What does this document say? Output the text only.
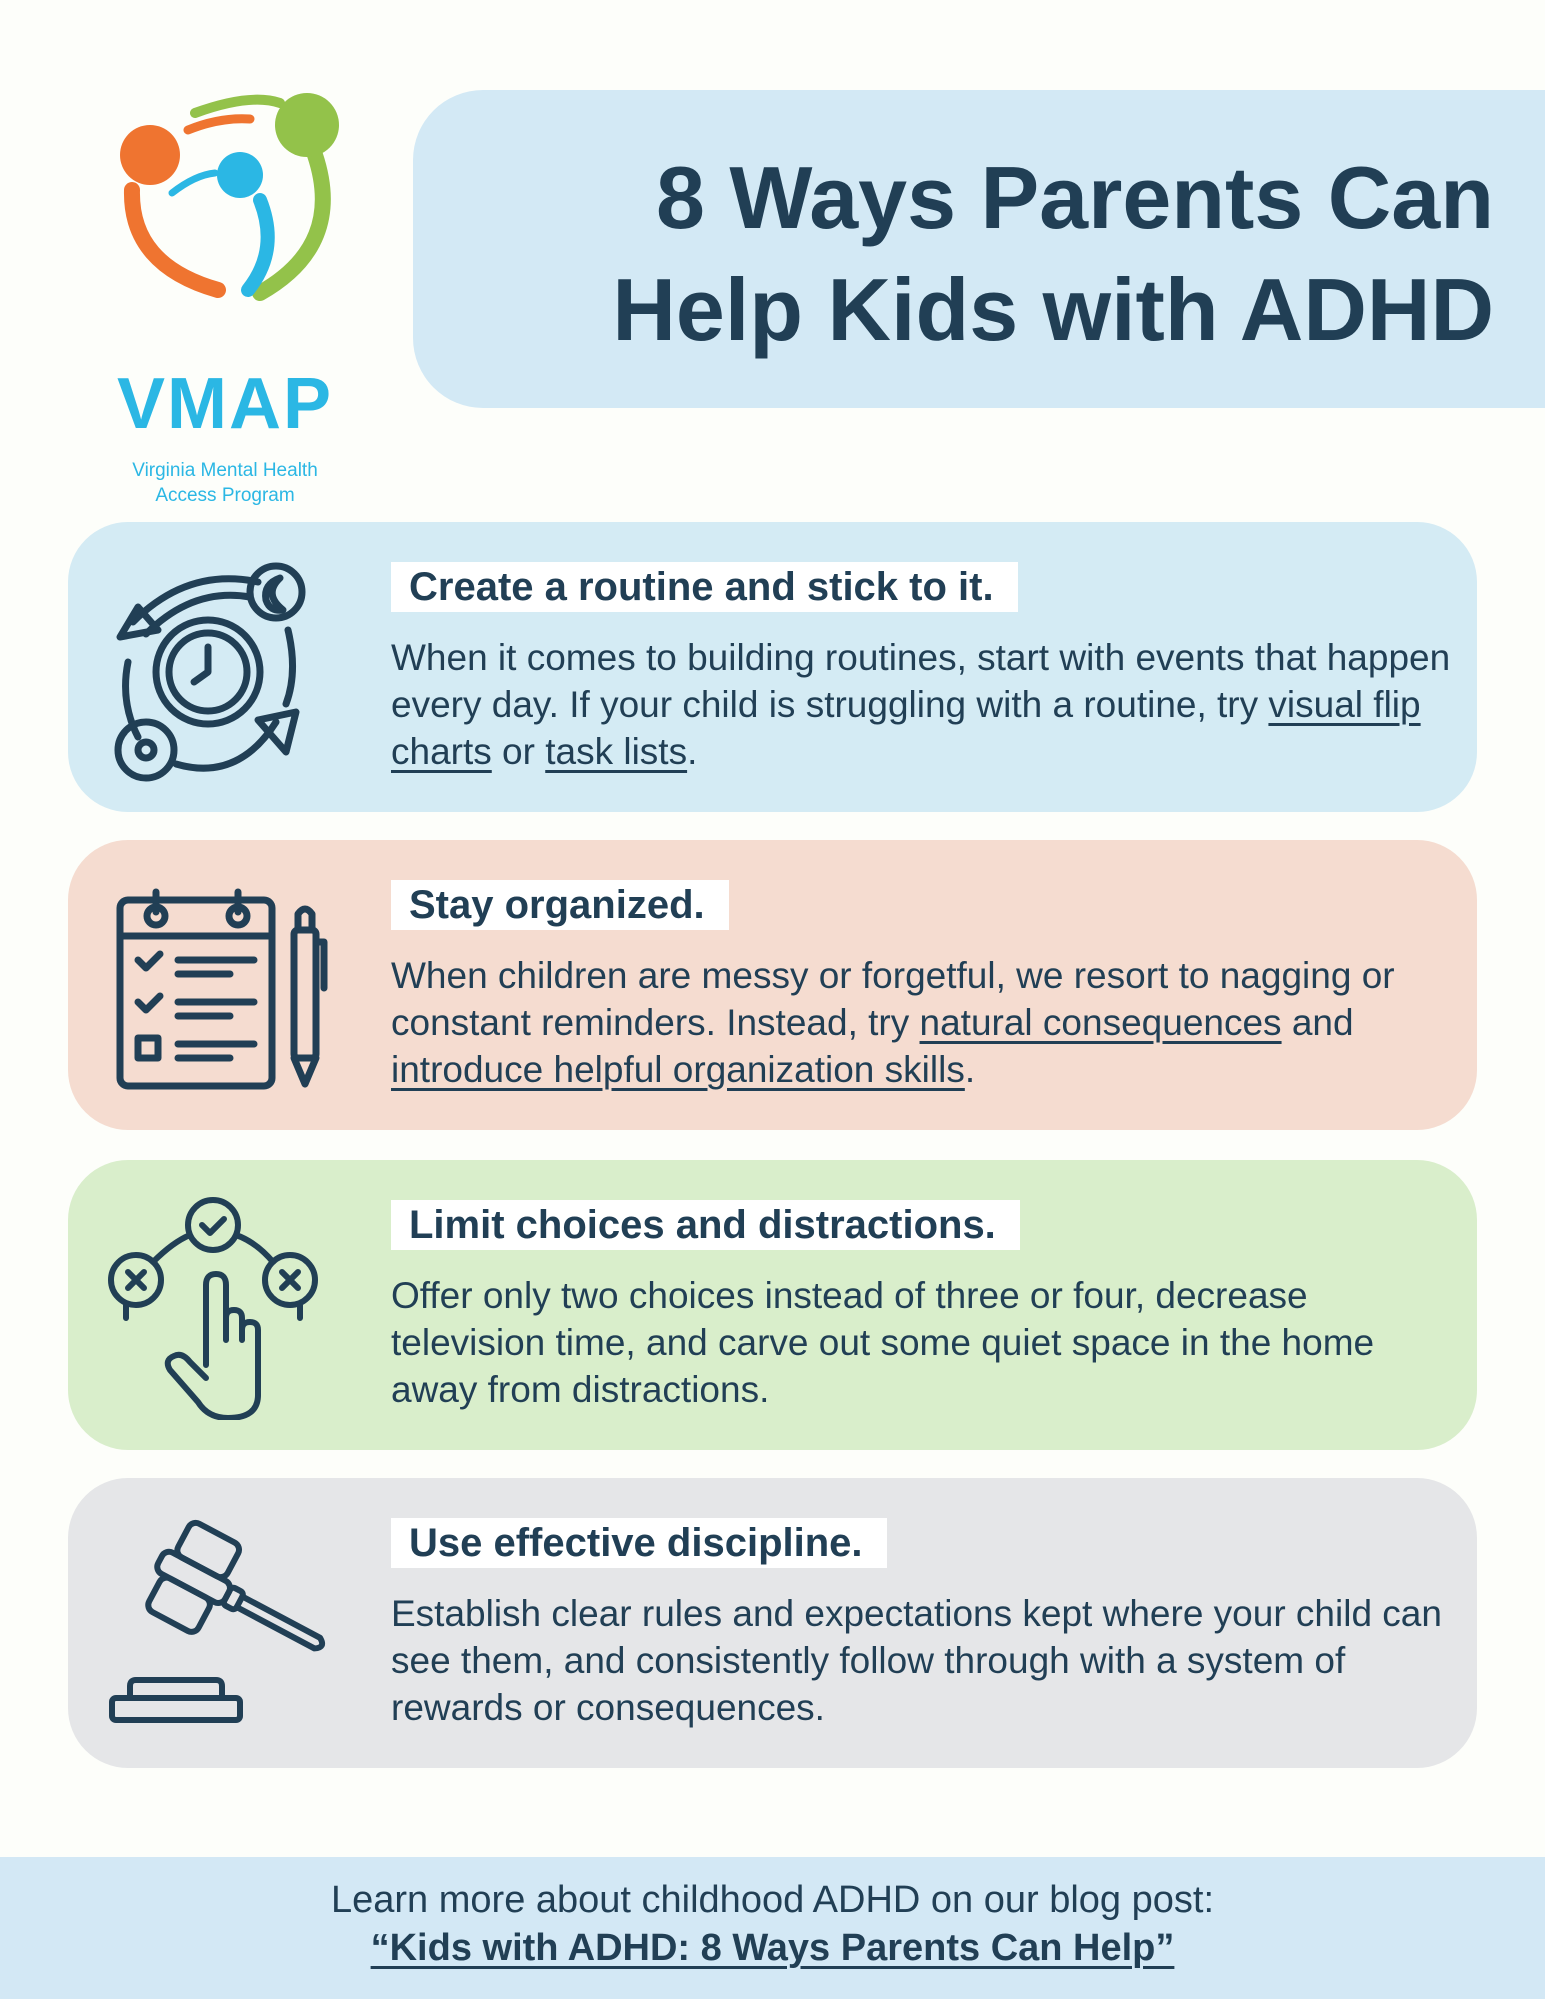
VMAP
Virginia Mental Health
Access Program
8 Ways Parents Can
Help Kids with ADHD
Create a routine and stick to it.

When it comes to building routines, start with events that happen every day. If your child is struggling with a routine, try visual flip charts or task lists.

Stay organized.

When children are messy or forgetful, we resort to nagging or constant reminders. Instead, try natural consequences and introduce helpful organization skills.

Limit choices and distractions.

Offer only two choices instead of three or four, decrease television time, and carve out some quiet space in the home away from distractions.

Use effective discipline.

Establish clear rules and expectations kept where your child can see them, and consistently follow through with a system of rewards or consequences.

Learn more about childhood ADHD on our blog post:
“Kids with ADHD: 8 Ways Parents Can Help”
